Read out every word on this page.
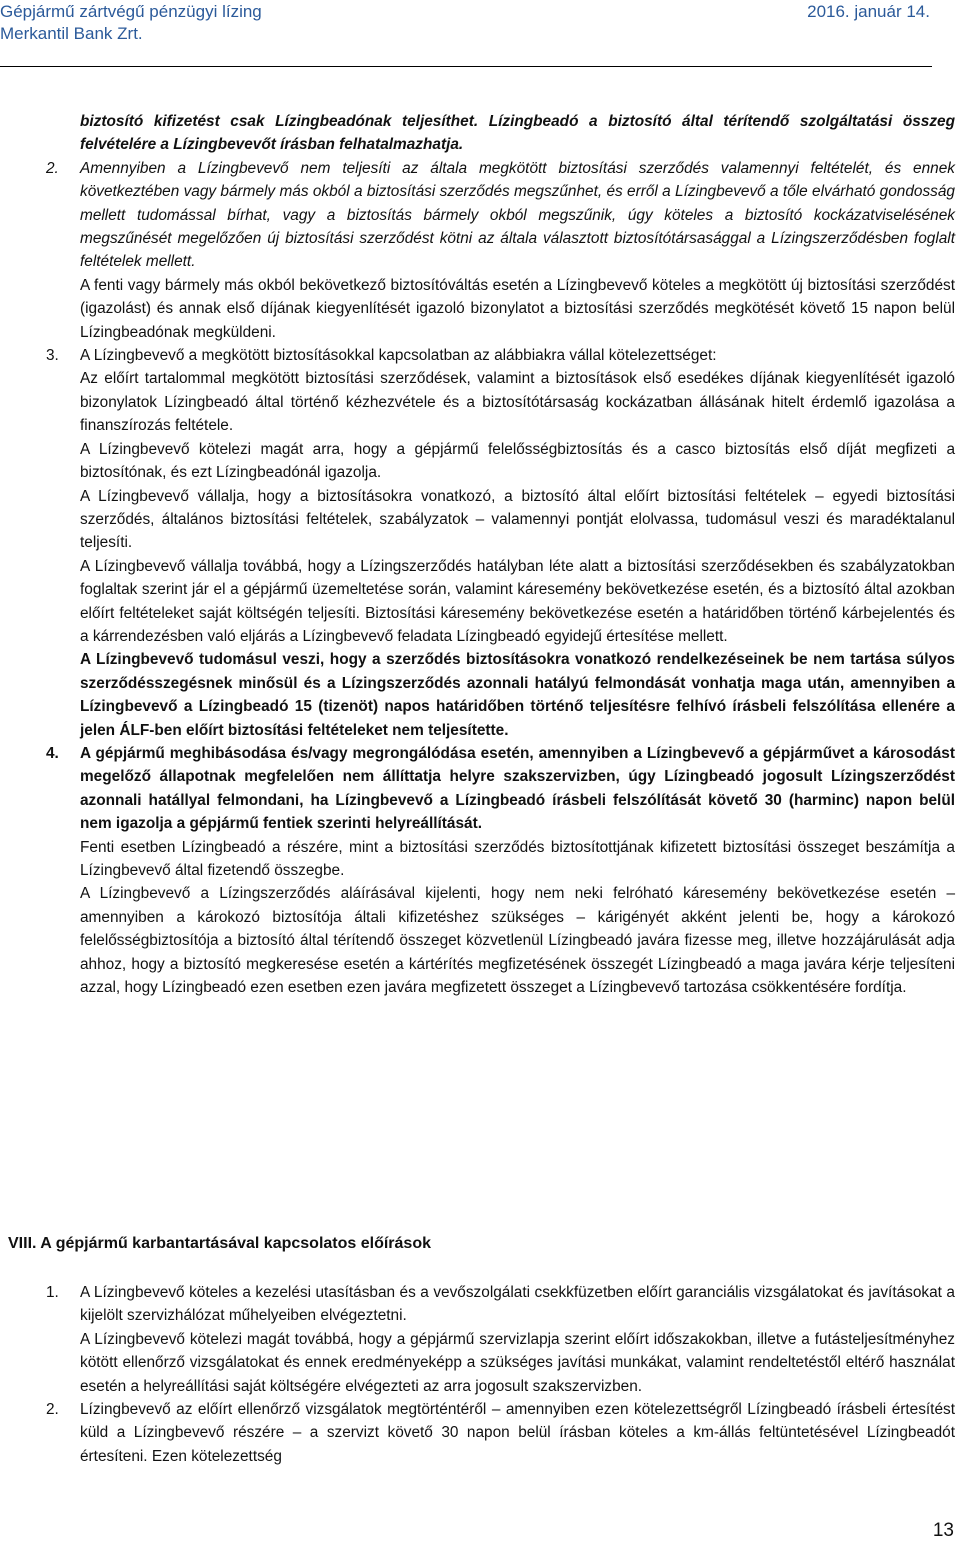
Gépjármű zártvégű pénzügyi lízing	2016. január 14.
Merkantil Bank Zrt.

biztosító kifizetést csak Lízingbeadónak teljesíthet. Lízingbeadó a biztosító által térítendő szolgáltatási összeg felvételére a Lízingbevevőt írásban felhatalmazhatja.

2.	Amennyiben a Lízingbevevő nem teljesíti az általa megkötött biztosítási szerződés valamennyi feltételét, és ennek következtében vagy bármely más okból a biztosítási szerződés megszűnhet, és erről a Lízingbevevő a tőle elvárható gondosság mellett tudomással bírhat, vagy a biztosítás bármely okból megszűnik, úgy köteles a biztosító kockázatviselésének megszűnését megelőzően új biztosítási szerződést kötni az általa választott biztosítótársasággal a Lízingszerződésben foglalt feltételek mellett.

A fenti vagy bármely más okból bekövetkező biztosítóváltás esetén a Lízingbevevő köteles a megkötött új biztosítási szerződést (igazolást) és annak első díjának kiegyenlítését igazoló bizonylatot a biztosítási szerződés megkötését követő 15 napon belül Lízingbeadónak megküldeni.

3.	A Lízingbevevő a megkötött biztosításokkal kapcsolatban az alábbiakra vállal kötelezettséget:

Az előírt tartalommal megkötött biztosítási szerződések, valamint a biztosítások első esedékes díjának kiegyenlítését igazoló bizonylatok Lízingbeadó által történő kézhezvétele és a biztosítótársaság kockázatban állásának hitelt érdemlő igazolása a finanszírozás feltétele.

A Lízingbevevő kötelezi magát arra, hogy a gépjármű felelősségbiztosítás és a casco biztosítás első díját megfizeti a biztosítónak, és ezt Lízingbeadónál igazolja.

A Lízingbevevő vállalja, hogy a biztosításokra vonatkozó, a biztosító által előírt biztosítási feltételek – egyedi biztosítási szerződés, általános biztosítási feltételek, szabályzatok – valamennyi pontját elolvassa, tudomásul veszi és maradéktalanul teljesíti.

A Lízingbevevő vállalja továbbá, hogy a Lízingszerződés hatályban léte alatt a biztosítási szerződésekben és szabályzatokban foglaltak szerint jár el a gépjármű üzemeltetése során, valamint káresemény bekövetkezése esetén, és a biztosító által azokban előírt feltételeket saját költségén teljesíti. Biztosítási káresemény bekövetkezése esetén a határidőben történő kárbejelentés és a kárrendezésben való eljárás a Lízingbevevő feladata Lízingbeadó egyidejű értesítése mellett.

A Lízingbevevő tudomásul veszi, hogy a szerződés biztosításokra vonatkozó rendelkezéseinek be nem tartása súlyos szerződésszegésnek minősül és a Lízingszerződés azonnali hatályú felmondását vonhatja maga után, amennyiben a Lízingbevevő a Lízingbeadó 15 (tizenöt) napos határidőben történő teljesítésre felhívó írásbeli felszólítása ellenére a jelen ÁLF-ben előírt biztosítási feltételeket nem teljesítette.

4.	A gépjármű meghibásodása és/vagy megrongálódása esetén, amennyiben a Lízingbevevő a gépjárművet a károsodást megelőző állapotnak megfelelően nem állíttatja helyre szakszervizben, úgy Lízingbeadó jogosult Lízingszerződést azonnali hatállyal felmondani, ha Lízingbevevő a Lízingbeadó írásbeli felszólítását követő 30 (harminc) napon belül nem igazolja a gépjármű fentiek szerinti helyreállítását.

Fenti esetben Lízingbeadó a részére, mint a biztosítási szerződés biztosítottjának kifizetett biztosítási összeget beszámítja a Lízingbevevő által fizetendő összegbe.

A Lízingbevevő a Lízingszerződés aláírásával kijelenti, hogy nem neki felróható káresemény bekövetkezése esetén – amennyiben a károkozó biztosítója általi kifizetéshez szükséges – kárigényét akként jelenti be, hogy a károkozó felelősségbiztosítója a biztosító által térítendő összeget közvetlenül Lízingbeadó javára fizesse meg, illetve hozzájárulását adja ahhoz, hogy a biztosító megkeresése esetén a kártérítés megfizetésének összegét Lízingbeadó a maga javára kérje teljesíteni azzal, hogy Lízingbeadó ezen esetben ezen javára megfizetett összeget a Lízingbevevő tartozása csökkentésére fordítja.

VIII. A gépjármű karbantartásával kapcsolatos előírások
1.	A Lízingbevevő köteles a kezelési utasításban és a vevőszolgálati csekkfüzetben előírt garanciális vizsgálatokat és javításokat a kijelölt szervizhálózat műhelyeiben elvégeztetni.

A Lízingbevevő kötelezi magát továbbá, hogy a gépjármű szervizlapja szerint előírt időszakokban, illetve a futásteljesítményhez kötött ellenőrző vizsgálatokat és ennek eredményeképp a szükséges javítási munkákat, valamint rendeltetéstől eltérő használat esetén a helyreállítási saját költségére elvégezteti az arra jogosult szakszervizben.

2.	Lízingbevevő az előírt ellenőrző vizsgálatok megtörténtéről – amennyiben ezen kötelezettségről Lízingbeadó írásbeli értesítést küld a Lízingbevevő részére – a szervizt követő 30 napon belül írásban köteles a km-állás feltüntetésével Lízingbeadót értesíteni. Ezen kötelezettség

13
